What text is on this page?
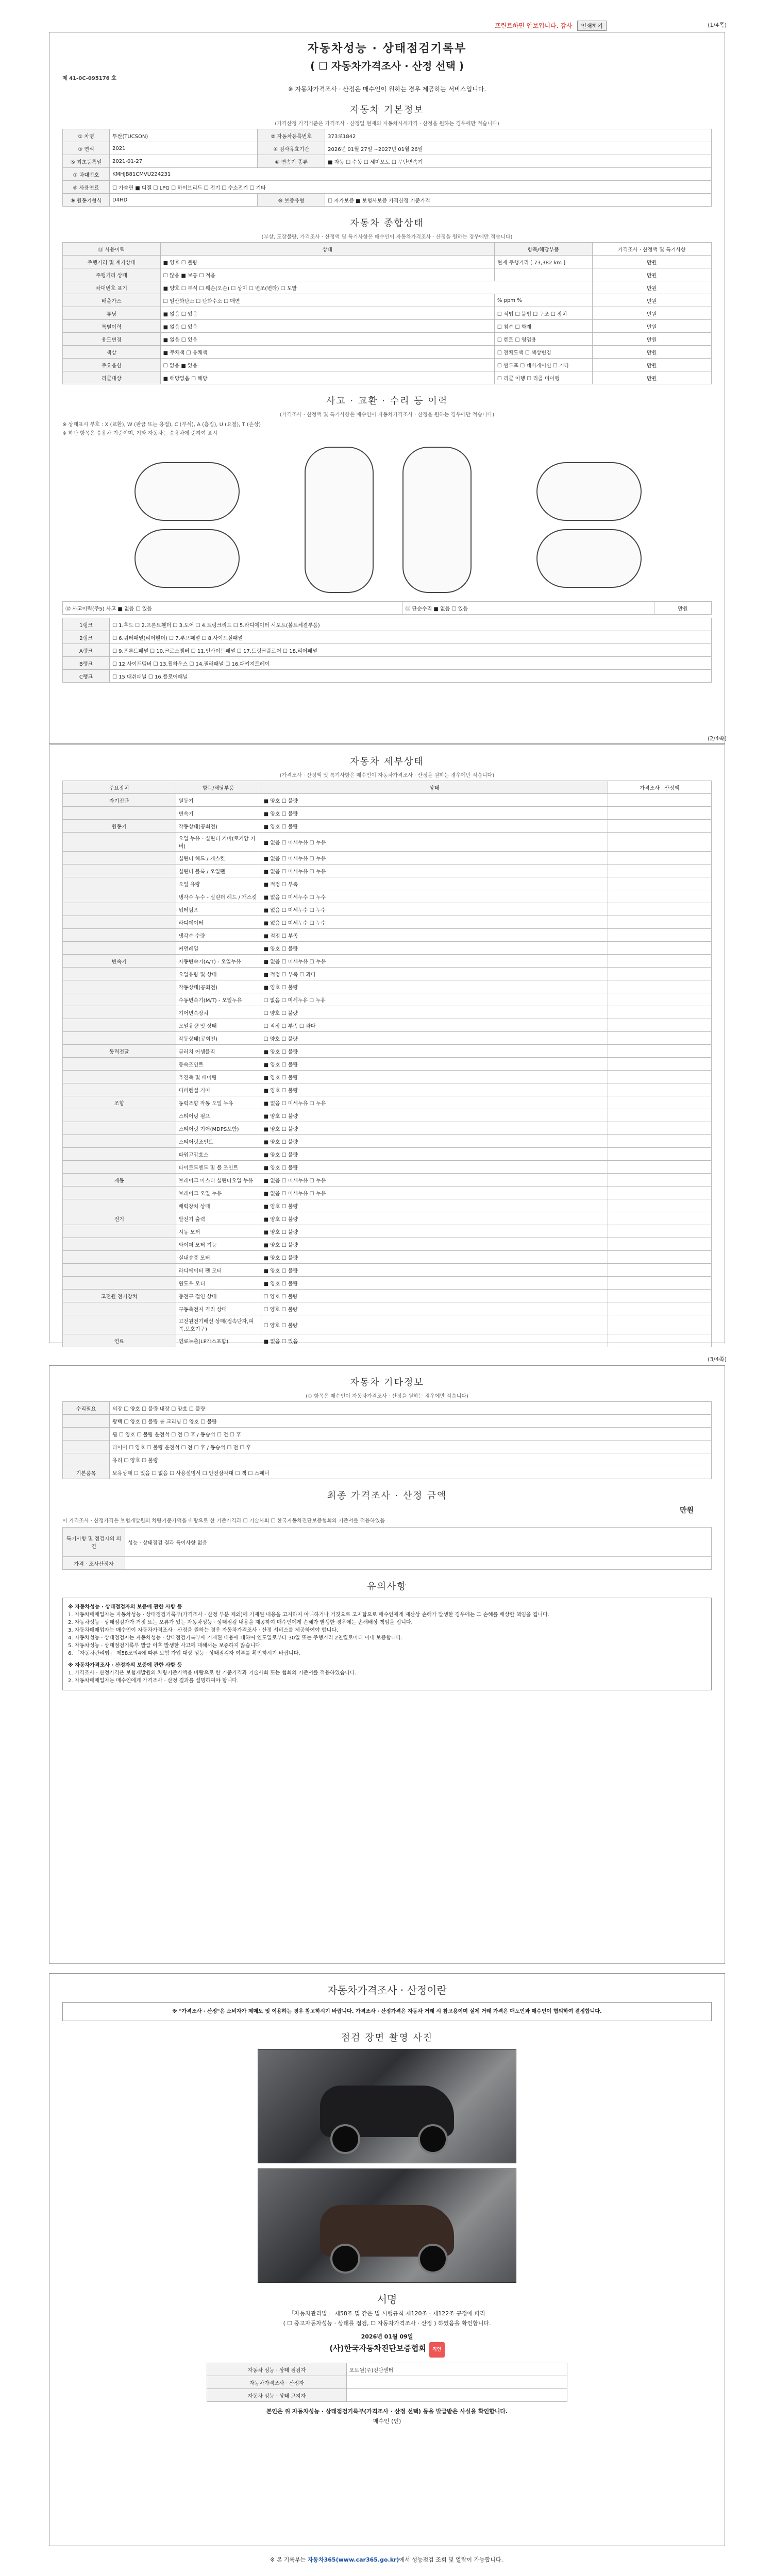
프린트하면 안보입니다. 감사 인쇄하기	(1/4쪽)
자동차성능 · 상태점검기록부
( ☐ 자동차가격조사 · 산정 선택 )
제 41-0C-095176 호
※ 자동차가격조사 · 산정은 매수인이 원하는 경우 제공하는 서비스입니다.
자동차 기본정보
(가격산정 가격기준은 가격조사 · 산정일 현재의 자동차시세가격 · 산정을 원하는 경우에만 적습니다)
① 차명	투싼(TUCSON)	② 자동차등록번호	373로1842
③ 연식	2021	④ 검사유효기간	2026년 01월 27일 ~2027년 01월 26일
⑤ 최초등록일	2021-01-27	⑥ 변속기 종류	■ 자동 ☐ 수동 ☐ 세미오토 ☐ 무단변속기
⑦ 차대번호	KMHJB81CMVU224231		
⑧ 사용연료	☐ 가솔린 ■ 디젤 ☐ LPG ☐ 하이브리드 ☐ 전기 ☐ 수소전기 ☐ 기타		
⑨ 원동기형식	D4HD	⑩ 보증유형	☐ 자가보증 ■ 보험사보증 가격산정 기준가격
자동차 종합상태
(부상, 도장불량, 가격조사 · 산정액 및 특기사항은 매수인이 자동차가격조사 · 산정을 원하는 경우에만 적습니다)
⑪ 사용이력	상태	항목/해당부품	가격조사 · 산정액 및 특기사항
주행거리 및 계기상태	■ 양호 ☐ 불량	현재 주행거리 [ 73,382 km ]	만원
주행거리 상태	☐ 많음 ■ 보통 ☐ 적음		만원
차대번호 표기	■ 양호 ☐ 부식 ☐ 훼손(오손) ☐ 상이 ☐ 변조(변타) ☐ 도말		만원
배출가스	☐ 일산화탄소 ☐ 탄화수소 ☐ 매연	% ppm %	만원
튜닝	■ 없음 ☐ 있음	☐ 적법 ☐ 불법 ☐ 구조 ☐ 장치	만원
특별이력	■ 없음 ☐ 있음	☐ 침수 ☐ 화재	만원
용도변경	■ 없음 ☐ 있음	☐ 렌트 ☐ 영업용	만원
색상	■ 무채색 ☐ 유채색	☐ 전체도색 ☐ 색상변경	만원
주요옵션	☐ 없음 ■ 있음	☐ 썬루프 ☐ 네비게이션 ☐ 기타	만원
리콜대상	■ 해당없음 ☐ 해당	☐ 리콜 이행 ☐ 리콜 미이행	만원
사고 · 교환 · 수리 등 이력
(가격조사 · 산정액 및 특기사항은 매수인이 자동차가격조사 · 산정을 원하는 경우에만 적습니다)
※ 상태표시 부호 : X (교환), W (판금 또는 용접), C (부식), A (흠집), U (요철), T (손상)
※ 하단 항목은 승용차 기준이며, 기타 자동차는 승용차에 준하여 표시
⑫ 사고이력(주5) 사고 ■ 없음 ☐ 있음	⑬ 단순수리 ■ 없음 ☐ 있음	만원
1랭크	☐ 1.후드 ☐ 2.프론트휀더 ☐ 3.도어 ☐ 4.트렁크리드 ☐ 5.라디에이터 서포트(볼트체결부품)
2랭크	☐ 6.쿼터패널(리어휀더) ☐ 7.루프패널 ☐ 8.사이드실패널
A랭크	☐ 9.프론트패널 ☐ 10.크로스멤버 ☐ 11.인사이드패널 ☐ 17.트렁크플로어 ☐ 18.리어패널
B랭크	☐ 12.사이드멤버 ☐ 13.휠하우스 ☐ 14.필러패널 ☐ 16.패키지트레이
C랭크	☐ 15.대쉬패널 ☐ 16.플로어패널
(2/4쪽)
자동차 세부상태
(가격조사 · 산정액 및 특기사항은 매수인이 자동차가격조사 · 산정을 원하는 경우에만 적습니다)
주요장치	항목/해당부품	상태	가격조사 · 산정액
자기진단	원동기	■ 양호 ☐ 불량	
	변속기	■ 양호 ☐ 불량	
원동기	작동상태(공회전)	■ 양호 ☐ 불량	
	오일 누유 - 실린더 커버(로커암 커버)	■ 없음 ☐ 미세누유 ☐ 누유	
	실린더 헤드 / 개스킷	■ 없음 ☐ 미세누유 ☐ 누유	
	실린더 블록 / 오일팬	■ 없음 ☐ 미세누유 ☐ 누유	
	오일 유량	■ 적정 ☐ 부족	
	냉각수 누수 - 실린더 헤드 / 개스킷	■ 없음 ☐ 미세누수 ☐ 누수	
	워터펌프	■ 없음 ☐ 미세누수 ☐ 누수	
	라디에이터	■ 없음 ☐ 미세누수 ☐ 누수	
	냉각수 수량	■ 적정 ☐ 부족	
	커먼레일	■ 양호 ☐ 불량	
변속기	자동변속기(A/T) - 오일누유	■ 없음 ☐ 미세누유 ☐ 누유	
	오일유량 및 상태	■ 적정 ☐ 부족 ☐ 과다	
	작동상태(공회전)	■ 양호 ☐ 불량	
	수동변속기(M/T) - 오일누유	☐ 없음 ☐ 미세누유 ☐ 누유	
	기어변속장치	☐ 양호 ☐ 불량	
	오일유량 및 상태	☐ 적정 ☐ 부족 ☐ 과다	
	작동상태(공회전)	☐ 양호 ☐ 불량	
동력전달	클러치 어셈블리	■ 양호 ☐ 불량	
	등속조인트	■ 양호 ☐ 불량	
	추진축 및 베어링	■ 양호 ☐ 불량	
	디퍼렌셜 기어	■ 양호 ☐ 불량	
조향	동력조향 작동 오일 누유	■ 없음 ☐ 미세누유 ☐ 누유	
	스티어링 펌프	■ 양호 ☐ 불량	
	스티어링 기어(MDPS포함)	■ 양호 ☐ 불량	
	스티어링조인트	■ 양호 ☐ 불량	
	파워고압호스	■ 양호 ☐ 불량	
	타이로드엔드 및 볼 조인트	■ 양호 ☐ 불량	
제동	브레이크 마스터 실린더오일 누유	■ 없음 ☐ 미세누유 ☐ 누유	
	브레이크 오일 누유	■ 없음 ☐ 미세누유 ☐ 누유	
	배력장치 상태	■ 양호 ☐ 불량	
전기	발전기 출력	■ 양호 ☐ 불량	
	시동 모터	■ 양호 ☐ 불량	
	와이퍼 모터 기능	■ 양호 ☐ 불량	
	실내송풍 모터	■ 양호 ☐ 불량	
	라디에이터 팬 모터	■ 양호 ☐ 불량	
	윈도우 모터	■ 양호 ☐ 불량	
고전원 전기장치	충전구 절연 상태	☐ 양호 ☐ 불량	
	구동축전지 격리 상태	☐ 양호 ☐ 불량	
	고전원전기배선 상태(접속단자,피복,보호기구)	☐ 양호 ☐ 불량	
연료	연료누출(LP가스포함)	■ 없음 ☐ 있음	
(3/4쪽)
자동차 기타정보
(① 항목은 매수인이 자동차가격조사 · 산정을 원하는 경우에만 적습니다)
수리필요	외장 ☐ 양호 ☐ 불량 내장 ☐ 양호 ☐ 불량
	광택 ☐ 양호 ☐ 불량 룸 크리닝 ☐ 양호 ☐ 불량
	휠 ☐ 양호 ☐ 불량 운전석 ☐ 전 ☐ 후 / 동승석 ☐ 전 ☐ 후
	타이어 ☐ 양호 ☐ 불량 운전석 ☐ 전 ☐ 후 / 동승석 ☐ 전 ☐ 후
	유리 ☐ 양호 ☐ 불량
기본품목	보유상태 ☐ 있음 ☐ 없음 ☐ 사용설명서 ☐ 안전삼각대 ☐ 잭 ☐ 스패너
최종 가격조사 · 산정 금액
만원
이 가격조사 · 산정가격은 보험개발원의 차량기준가액을 바탕으로 한 기준가격과 ☐ 기술사회 ☐ 한국자동차진단보증협회의 기준서를 적용하였음
특기사항 및 점검자의 의견	성능 · 상태점검 결과 특이사항 없음
가격 · 조사산정자	
유의사항
※ 자동차성능 · 상태점검자의 보증에 관한 사항 등
1. 자동차매매업자는 자동차성능 · 상태점검기록부(가격조사 · 산정 부분 제외)에 기재된 내용을 고지하지 아니하거나 거짓으로 고지함으로 매수인에게 재산상 손해가 발생한 경우에는 그 손해를 배상할 책임을 집니다.
2. 자동차성능 · 상태점검자가 거짓 또는 오류가 있는 자동차성능 · 상태점검 내용을 제공하여 매수인에게 손해가 발생한 경우에는 손해배상 책임을 집니다.
3. 자동차매매업자는 매수인이 자동차가격조사 · 산정을 원하는 경우 자동차가격조사 · 산정 서비스를 제공하여야 합니다.
4. 자동차성능 · 상태점검자는 자동차성능 · 상태점검기록부에 기재된 내용에 대하여 인도일로부터 30일 또는 주행거리 2천킬로미터 이내 보증합니다.
5. 자동차성능 · 상태점검기록부 발급 이후 발생한 사고에 대해서는 보증하지 않습니다.
6. 「자동차관리법」 제58조의4에 따른 보험 가입 대상 성능 · 상태점검자 여부를 확인하시기 바랍니다.
※ 자동차가격조사 · 산정자의 보증에 관한 사항 등
1. 가격조사 · 산정가격은 보험개발원의 차량기준가액을 바탕으로 한 기준가격과 기술사회 또는 협회의 기준서를 적용하였습니다.
2. 자동차매매업자는 매수인에게 가격조사 · 산정 결과를 설명하여야 합니다.
자동차가격조사 · 산정이란
※ "가격조사 · 산정"은 소비자가 제매도 및 이용하는 경우 참고하시기 바랍니다. 가격조사 · 산정가격은 자동차 거래 시 참고용이며 실제 거래 가격은 매도인과 매수인이 협의하여 결정합니다.
점검 장면 촬영 사진
서명
「자동차관리법」 제58조 및 같은 법 시행규칙 제120조 · 제122조 규정에 따라
( ☐ 중고자동차성능 · 상태를 점검, ☐ 자동차가격조사 · 산정 ) 하였음을 확인합니다.
2026년 01월 09일
(사)한국자동차진단보증협회 직인
자동차 성능 · 상태 점검자	오토원(주)진단센터
자동차가격조사 · 산정자	
자동차 성능 · 상태 고지자	
본인은 위 자동차성능 · 상태점검기록부(가격조사 · 산정 선택) 등을 발급받은 사실을 확인합니다.
매수인 (인)
※ 본 기록부는 자동차365(www.car365.go.kr)에서 성능점검 조회 및 열람이 가능합니다.
